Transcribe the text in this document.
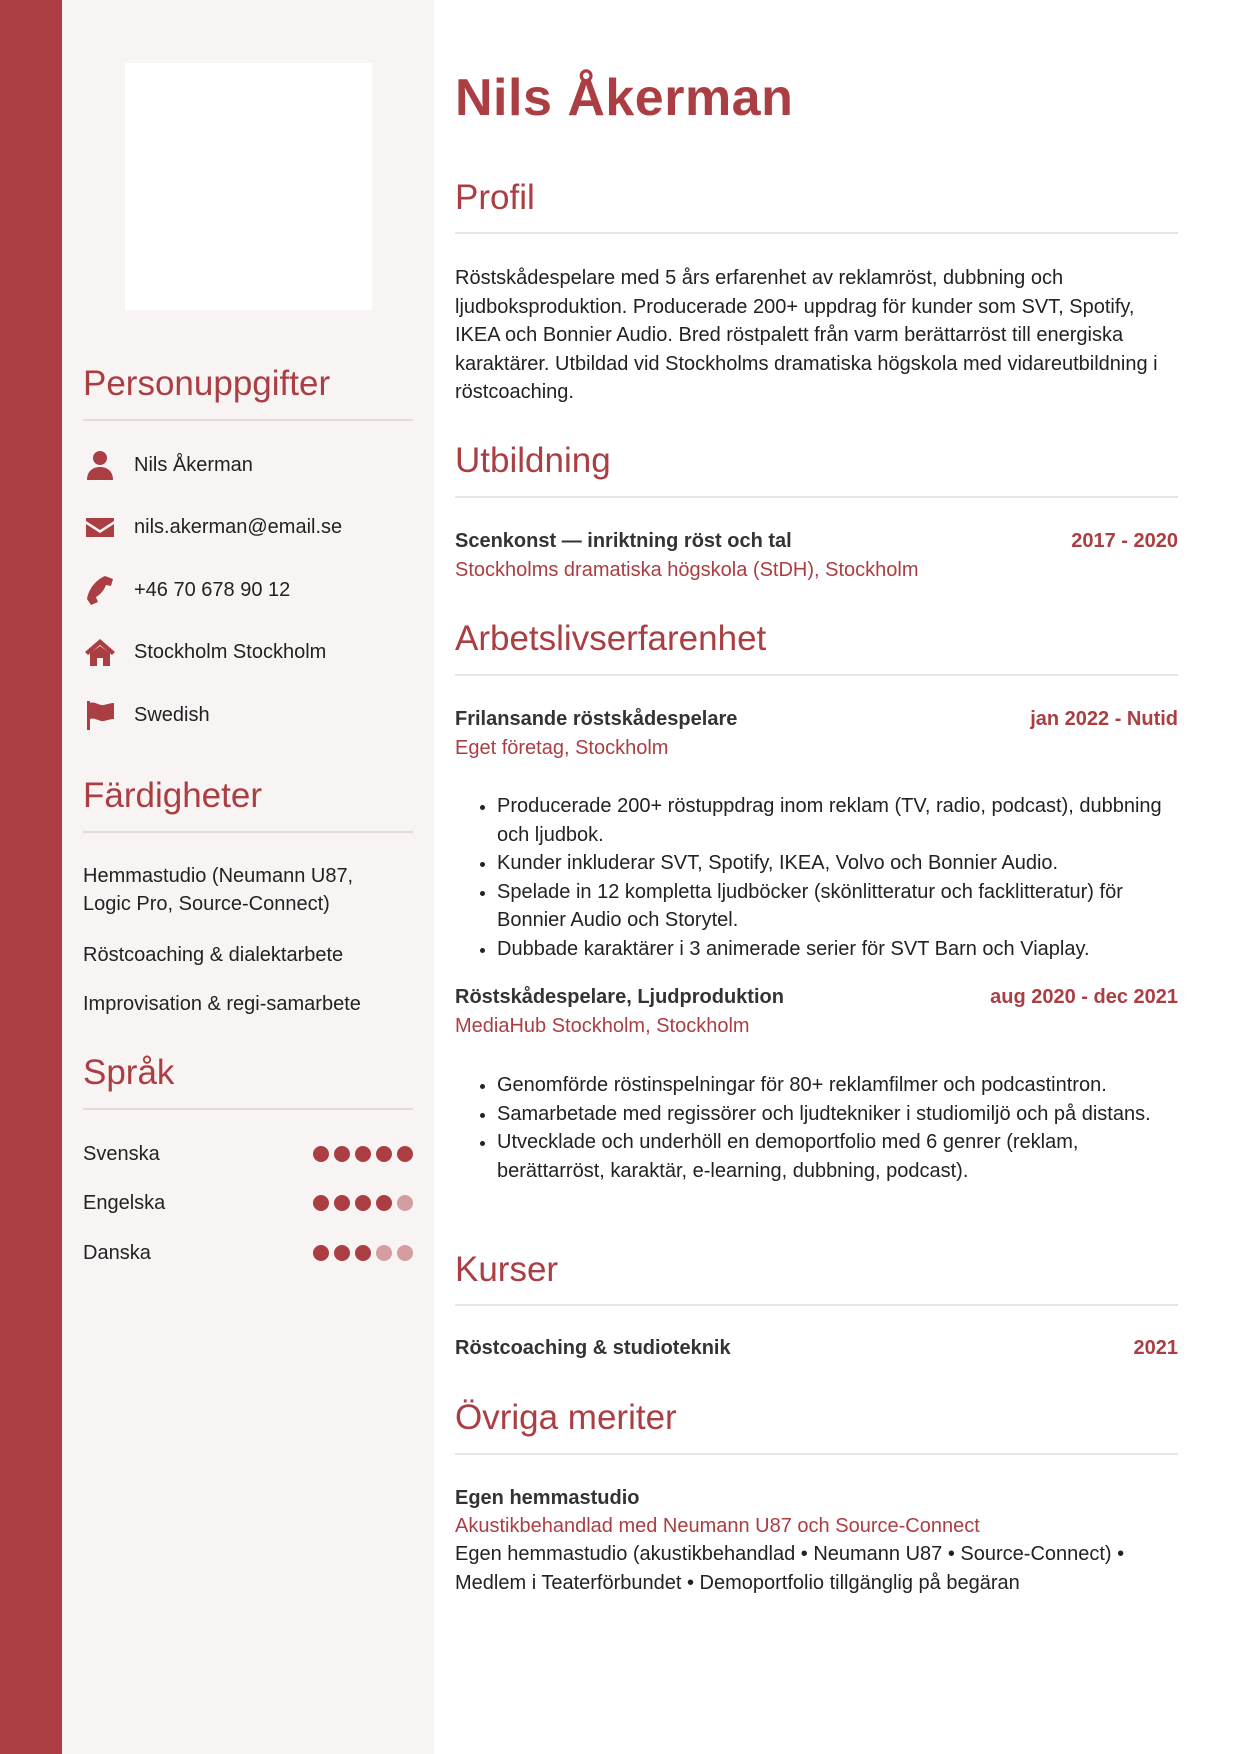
Personuppgifter
Nils Åkerman
nils.akerman@email.se
+46 70 678 90 12
Stockholm Stockholm
Swedish
Färdigheter
Hemmastudio (Neumann U87, Logic Pro, Source-Connect)
Röstcoaching & dialektarbete
Improvisation & regi-samarbete
Språk
Svenska
Engelska
Danska
Nils Åkerman
Profil

Röstskådespelare med 5 års erfarenhet av reklamröst, dubbning och ljudboksproduktion. Producerade 200+ uppdrag för kunder som SVT, Spotify, IKEA och Bonnier Audio. Bred röstpalett från varm berättarröst till energiska karaktärer. Utbildad vid Stockholms dramatiska högskola med vidareutbildning i röstcoaching.

Utbildning
Scenkonst — inriktning röst och tal	2017 - 2020
Stockholms dramatiska högskola (StDH), Stockholm
Arbetslivserfarenhet
Frilansande röstskådespelare	jan 2022 - Nutid
Eget företag, Stockholm
• Producerade 200+ röstuppdrag inom reklam (TV, radio, podcast), dubbning och ljudbok.
• Kunder inkluderar SVT, Spotify, IKEA, Volvo och Bonnier Audio.
• Spelade in 12 kompletta ljudböcker (skönlitteratur och facklitteratur) för Bonnier Audio och Storytel.
• Dubbade karaktärer i 3 animerade serier för SVT Barn och Viaplay.
Röstskådespelare, Ljudproduktion	aug 2020 - dec 2021
MediaHub Stockholm, Stockholm
• Genomförde röstinspelningar för 80+ reklamfilmer och podcastintron.
• Samarbetade med regissörer och ljudtekniker i studiomiljö och på distans.
• Utvecklade och underhöll en demoportfolio med 6 genrer (reklam, berättarröst, karaktär, e-learning, dubbning, podcast).
Kurser
Röstcoaching & studioteknik	2021
Övriga meriter
Egen hemmastudio
Akustikbehandlad med Neumann U87 och Source-Connect

Egen hemmastudio (akustikbehandlad • Neumann U87 • Source-Connect) • Medlem i Teaterförbundet • Demoportfolio tillgänglig på begäran
